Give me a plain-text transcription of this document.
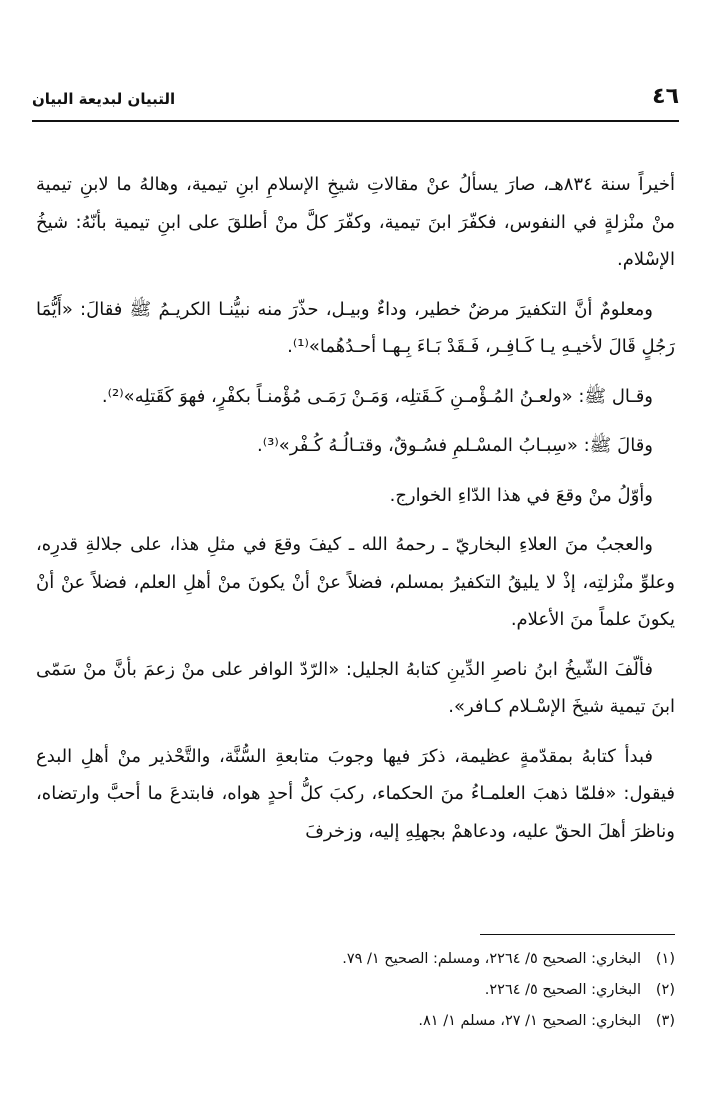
٤٦
التبيان لبديعة البيان

أخيراً سنة ٨٣٤هـ، صارَ يسألُ عنْ مقالاتِ شيخِ الإسلامِ ابنِ تيمية، وهالهُ ما لابنِ تيمية منْ منْزلةٍ في النفوس، فكفّرَ ابنَ تيمية، وكفّرَ كلَّ منْ أطلقَ على ابنِ تيمية بأنّهُ: شيخُ الإسْلام.

ومعلومٌ أنَّ التكفيرَ مرضٌ خطير، وداءٌ وبيـل، حذّرَ منه نبيُّنـا الكريـمُ ﷺ فقالَ: «أَيُّمَا رَجُلٍ قَالَ لأخيـهِ يـا كَـافِـر، فَـقَدْ بَـاءَ بِـهـا أحـدُهُما»⁽¹⁾.

وقـال ﷺ: «ولعـنُ المُـؤْمـنِ كَـقَتلِه، وَمَـنْ رَمَـى مُؤْمنـاً بكفْرٍ، فهوَ كَقَتلِه»⁽²⁾.

وقالَ ﷺ: «سِبـابُ المسْـلمِ فسُـوقٌ، وقتـالُـهُ كُـفْر»⁽³⁾.

وأوّلُ منْ وقعَ في هذا الدّاءِ الخوارج.

والعجبُ منَ العلاءِ البخاريّ ـ رحمهُ الله ـ كيفَ وقعَ في مثلِ هذا، على جلالةِ قدرِه، وعلوِّ منْزلتِه، إذْ لا يليقُ التكفيرُ بمسلم، فضلاً عنْ أنْ يكونَ منْ أهلِ العلم، فضلاً عنْ أنْ يكونَ علماً منَ الأعلام.

فألّفَ الشّيخُ ابنُ ناصرِ الدِّينِ كتابهُ الجليل: «الرّدّ الوافر على منْ زعمَ بأنَّ منْ سَمّى ابنَ تيمية شيخَ الإسْـلام كـافر».

فبدأ كتابهُ بمقدّمةٍ عظيمة، ذكرَ فيها وجوبَ متابعةِ السُّنَّة، والتَّحْذير منْ أهلِ البدع فيقول: «فلمّا ذهبَ العلمـاءُ منَ الحكماء، ركبَ كلُّ أحدٍ هواه، فابتدعَ ما أحبَّ وارتضاه، وناظرَ أهلَ الحقّ عليه، ودعاهمْ بجهلِهِ إليه، وزخرفَ

(١)
البخاري: الصحيح ٥/ ٢٢٦٤، ومسلم: الصحيح ١/ ٧٩.
(٢)
البخاري: الصحيح ٥/ ٢٢٦٤.
(٣)
البخاري: الصحيح ١/ ٢٧، مسلم ١/ ٨١.
